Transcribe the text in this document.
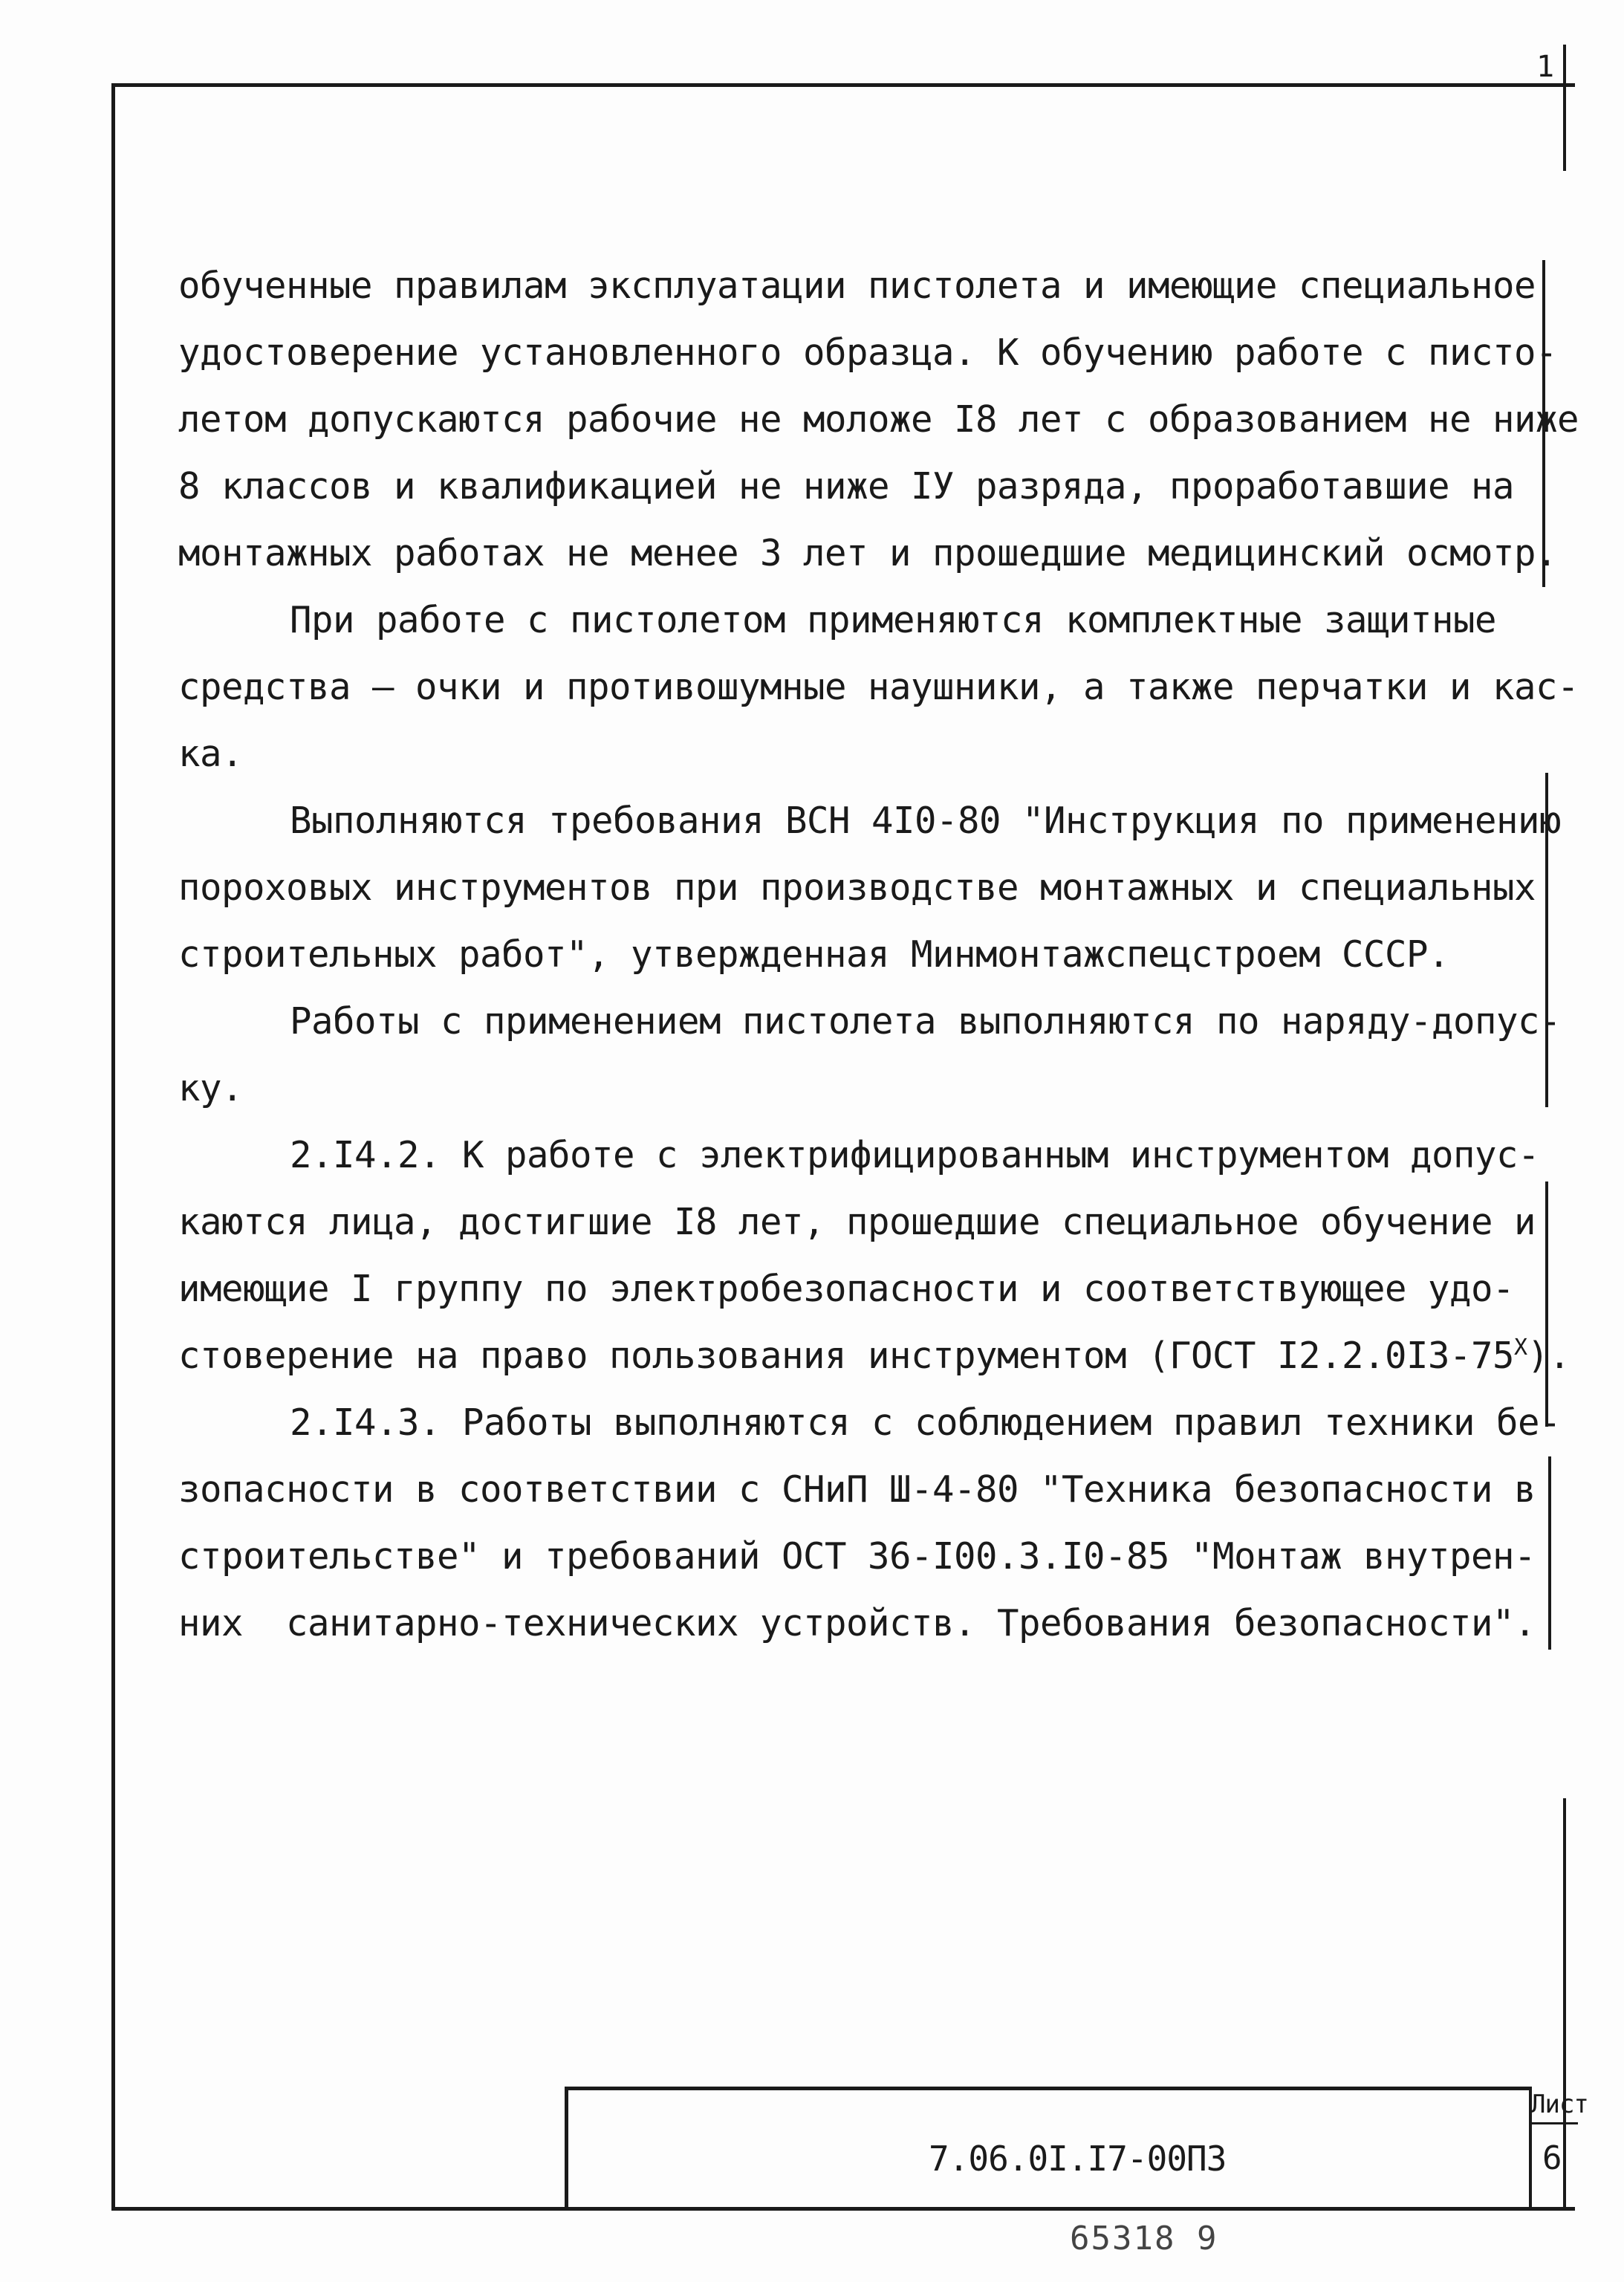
1
обученные правилам эксплуатации пистолета и имеющие специальное
удостоверение установленного образца. К обучению работе с писто-
летом допускаются рабочие не моложе I8 лет с образованием не ниже
8 классов и квалификацией не ниже IУ разряда, проработавшие на
монтажных работах не менее 3 лет и прошедшие медицинский осмотр.
При работе с пистолетом применяются комплектные защитные
средства – очки и противошумные наушники, а также перчатки и кас-
ка.
Выполняются требования ВСН 4I0-80 "Инструкция по применению
пороховых инструментов при производстве монтажных и специальных
строительных работ", утвержденная Минмонтажспецстроем СССР.
Работы с применением пистолета выполняются по наряду-допус-
ку.
2.I4.2. К работе с электрифицированным инструментом допус-
каются лица, достигшие I8 лет, прошедшие специальное обучение и
имеющие I группу по электробезопасности и соответствующее удо-
стоверение на право пользования инструментом (ГОСТ $I2.2.0I3-75^Х$).
2.I4.3. Работы выполняются с соблюдением правил техники бе-
зопасности в соответствии с СНиП Ш-4-80 "Техника безопасности в
строительстве" и требований ОСТ 36-I00.3.I0-85 "Монтаж внутрен-
них  санитарно-технических устройств. Требования безопасности".
7.06.0I.I7-00ПЗ
Лист
6
65318 9
